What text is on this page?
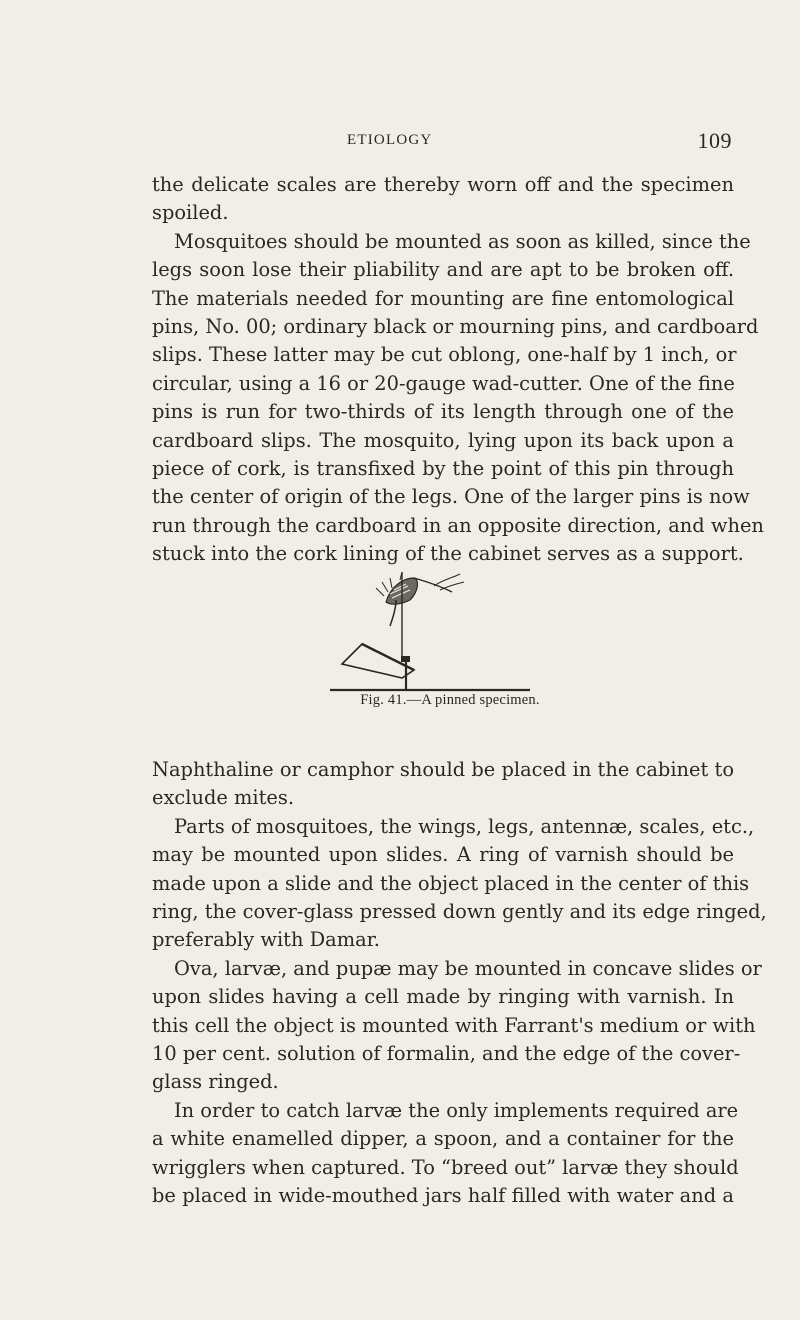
ETIOLOGY	109
the delicate scales are thereby worn off and the specimen
spoiled.
Mosquitoes should be mounted as soon as killed, since the
legs soon lose their pliability and are apt to be broken off.
The materials needed for mounting are fine entomological
pins, No. 00; ordinary black or mourning pins, and cardboard
slips. These latter may be cut oblong, one-half by 1 inch, or
circular, using a 16 or 20-gauge wad-cutter. One of the fine
pins is run for two-thirds of its length through one of the
cardboard slips. The mosquito, lying upon its back upon a
piece of cork, is transfixed by the point of this pin through
the center of origin of the legs. One of the larger pins is now
run through the cardboard in an opposite direction, and when
stuck into the cork lining of the cabinet serves as a support.
Fig. 41.—A pinned specimen.
Naphthaline or camphor should be placed in the cabinet to
exclude mites.
Parts of mosquitoes, the wings, legs, antennæ, scales, etc.,
may be mounted upon slides. A ring of varnish should be
made upon a slide and the object placed in the center of this
ring, the cover-glass pressed down gently and its edge ringed,
preferably with Damar.
Ova, larvæ, and pupæ may be mounted in concave slides or
upon slides having a cell made by ringing with varnish. In
this cell the object is mounted with Farrant's medium or with
10 per cent. solution of formalin, and the edge of the cover-
glass ringed.
In order to catch larvæ the only implements required are
a white enamelled dipper, a spoon, and a container for the
wrigglers when captured. To “breed out” larvæ they should
be placed in wide-mouthed jars half filled with water and a
